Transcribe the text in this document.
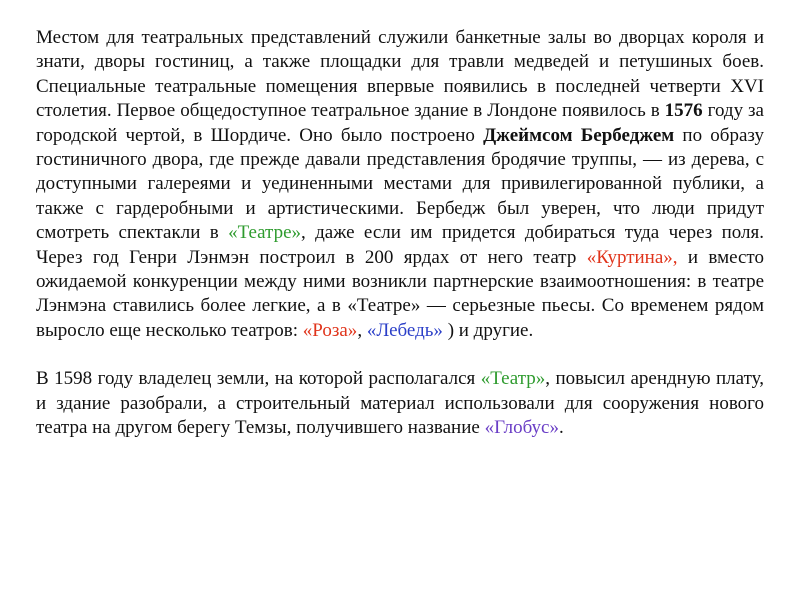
Местом для театральных представлений служили банкетные залы во дворцах короля и знати, дворы гостиниц, а также площадки для травли медведей и петушиных боев. Специальные театральные помещения впервые появились в последней четверти XVI столетия. Первое общедоступное театральное здание в Лондоне появилось в 1576 году за городской чертой, в Шордиче. Оно было построено Джеймсом Бербеджем по образу гостиничного двора, где прежде давали представления бродячие труппы, — из дерева, с доступными галереями и уединенными местами для привилегированной публики, а также с гардеробными и артистическими. Бербедж был уверен, что люди придут смотреть спектакли в «Театре», даже если им придется добираться туда через поля. Через год Генри Лэнмэн построил в 200 ярдах от него театр «Куртина», и вместо ожидаемой конкуренции между ними возникли партнерские взаимоотношения: в театре Лэнмэна ставились более легкие, а в «Театре» — серьезные пьесы. Со временем рядом выросло еще несколько театров: «Роза», «Лебедь» ) и другие.

В 1598 году владелец земли, на которой располагался «Театр», повысил арендную плату, и здание разобрали, а строительный материал использовали для сооружения нового театра на другом берегу Темзы, получившего название «Глобус».
